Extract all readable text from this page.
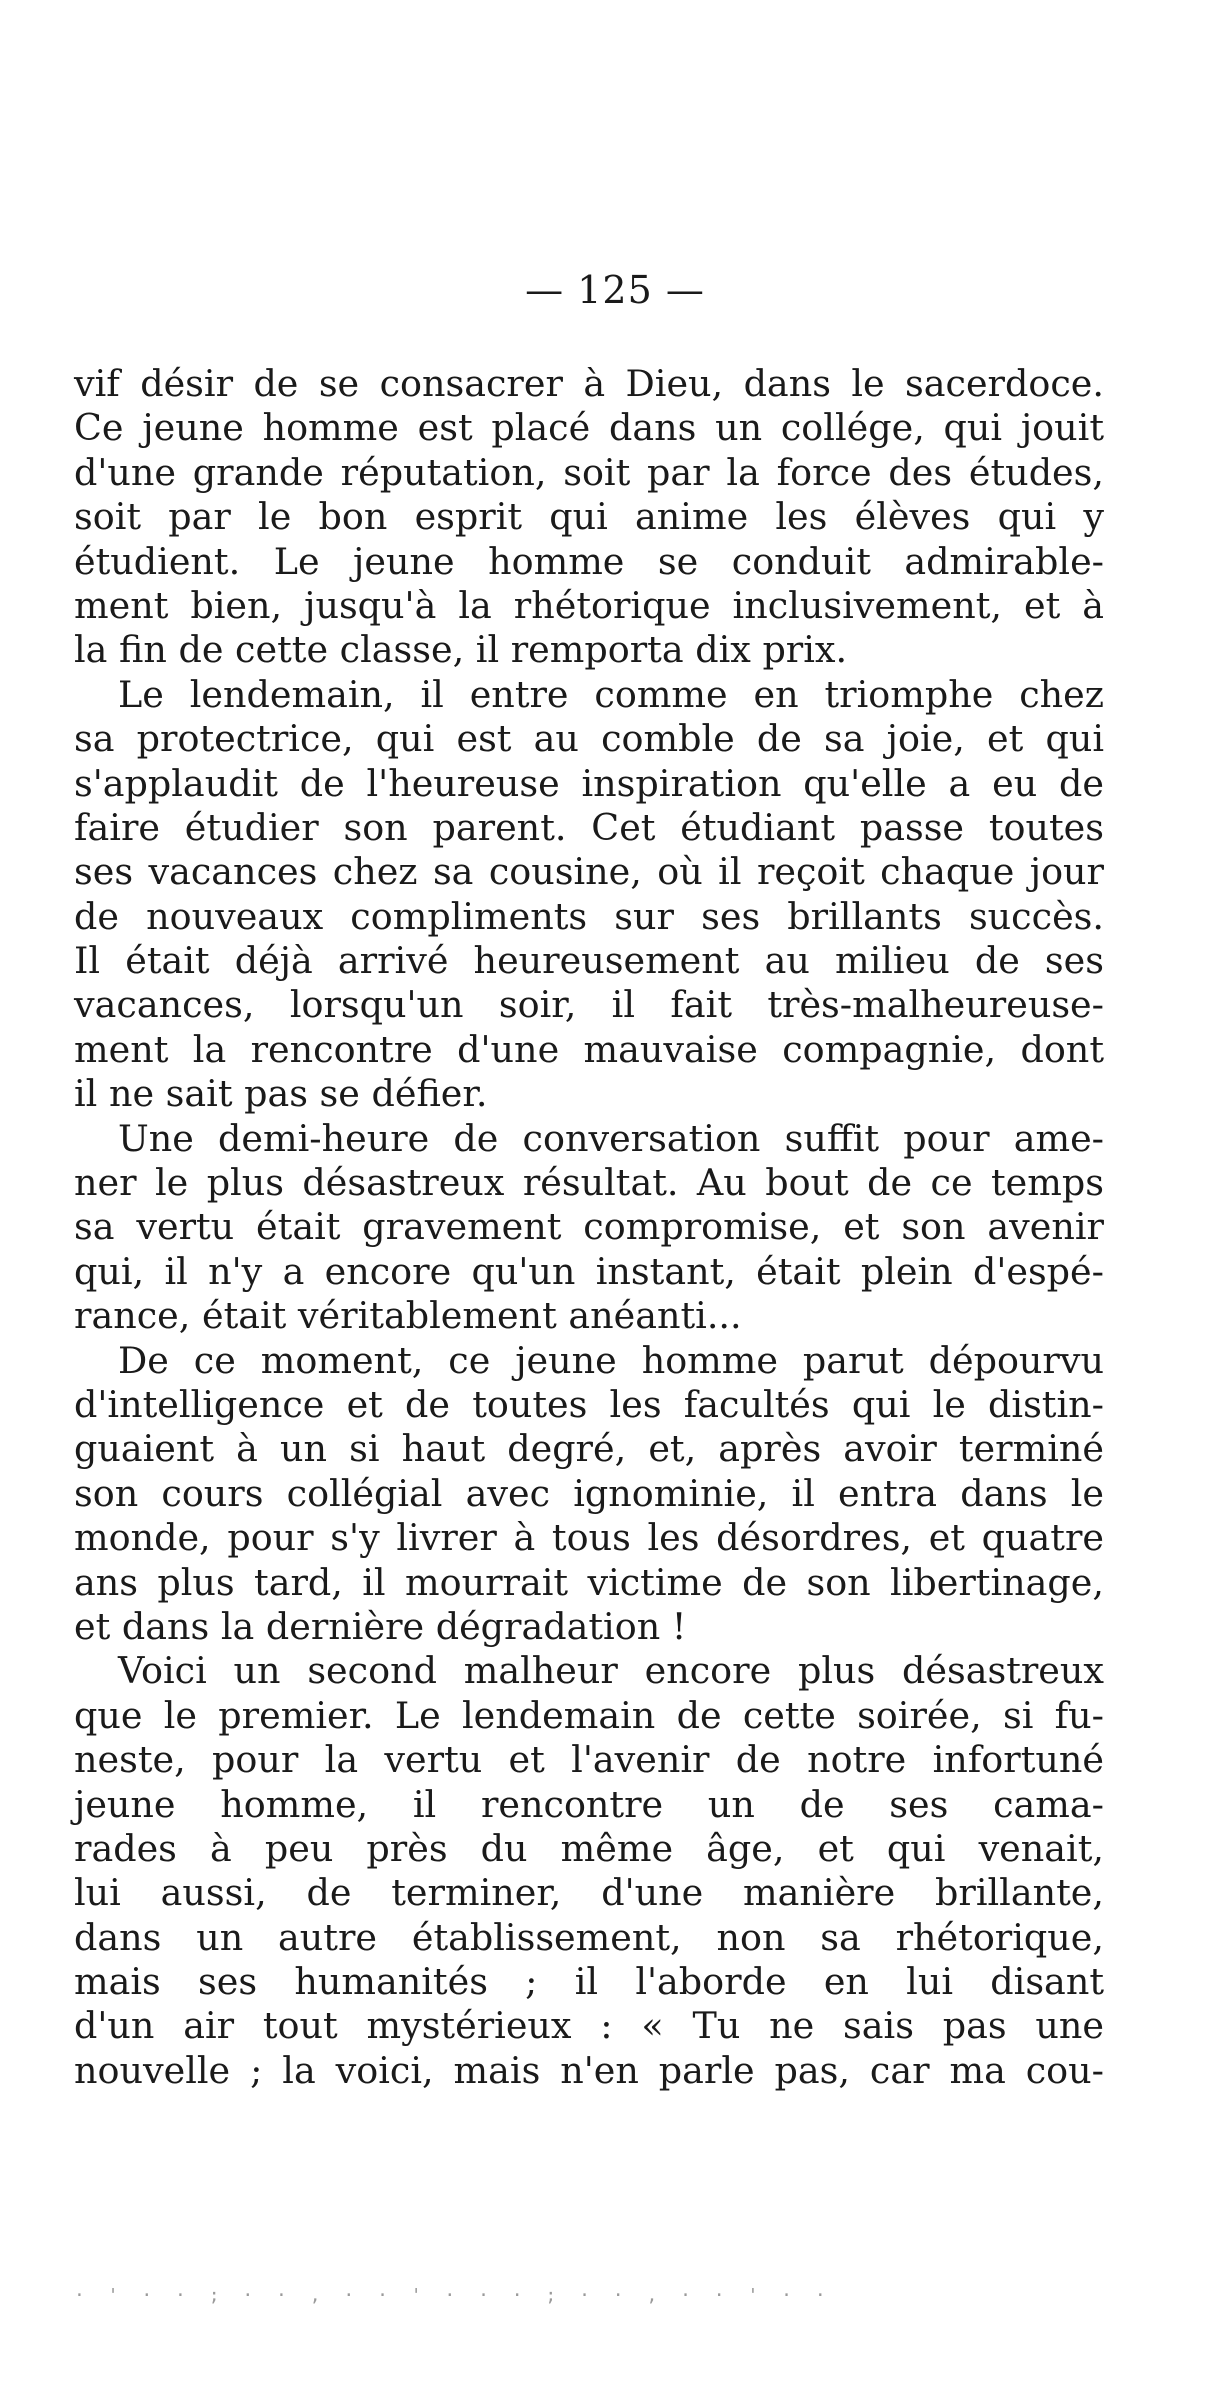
— 125 —
vif désir de se consacrer à Dieu, dans le sacerdoce.
Ce jeune homme est placé dans un collége, qui jouit
d'une grande réputation, soit par la force des études,
soit par le bon esprit qui anime les élèves qui y
étudient. Le jeune homme se conduit admirable-
ment bien, jusqu'à la rhétorique inclusivement, et à
la fin de cette classe, il remporta dix prix.
Le lendemain, il entre comme en triomphe chez
sa protectrice, qui est au comble de sa joie, et qui
s'applaudit de l'heureuse inspiration qu'elle a eu de
faire étudier son parent. Cet étudiant passe toutes
ses vacances chez sa cousine, où il reçoit chaque jour
de nouveaux compliments sur ses brillants succès.
Il était déjà arrivé heureusement au milieu de ses
vacances, lorsqu'un soir, il fait très-malheureuse-
ment la rencontre d'une mauvaise compagnie, dont
il ne sait pas se défier.
Une demi-heure de conversation suffit pour ame-
ner le plus désastreux résultat. Au bout de ce temps
sa vertu était gravement compromise, et son avenir
qui, il n'y a encore qu'un instant, était plein d'espé-
rance, était véritablement anéanti...
De ce moment, ce jeune homme parut dépourvu
d'intelligence et de toutes les facultés qui le distin-
guaient à un si haut degré, et, après avoir terminé
son cours collégial avec ignominie, il entra dans le
monde, pour s'y livrer à tous les désordres, et quatre
ans plus tard, il mourrait victime de son libertinage,
et dans la dernière dégradation !
Voici un second malheur encore plus désastreux
que le premier. Le lendemain de cette soirée, si fu-
neste, pour la vertu et l'avenir de notre infortuné
jeune homme, il rencontre un de ses cama-
rades à peu près du même âge, et qui venait,
lui aussi, de terminer, d'une manière brillante,
dans un autre établissement, non sa rhétorique,
mais ses humanités ; il l'aborde en lui disant
d'un air tout mystérieux : « Tu ne sais pas une
nouvelle ; la voici, mais n'en parle pas, car ma cou-
· ' · · ; · · , · · ' · · · ; · · , · · ' · ·
